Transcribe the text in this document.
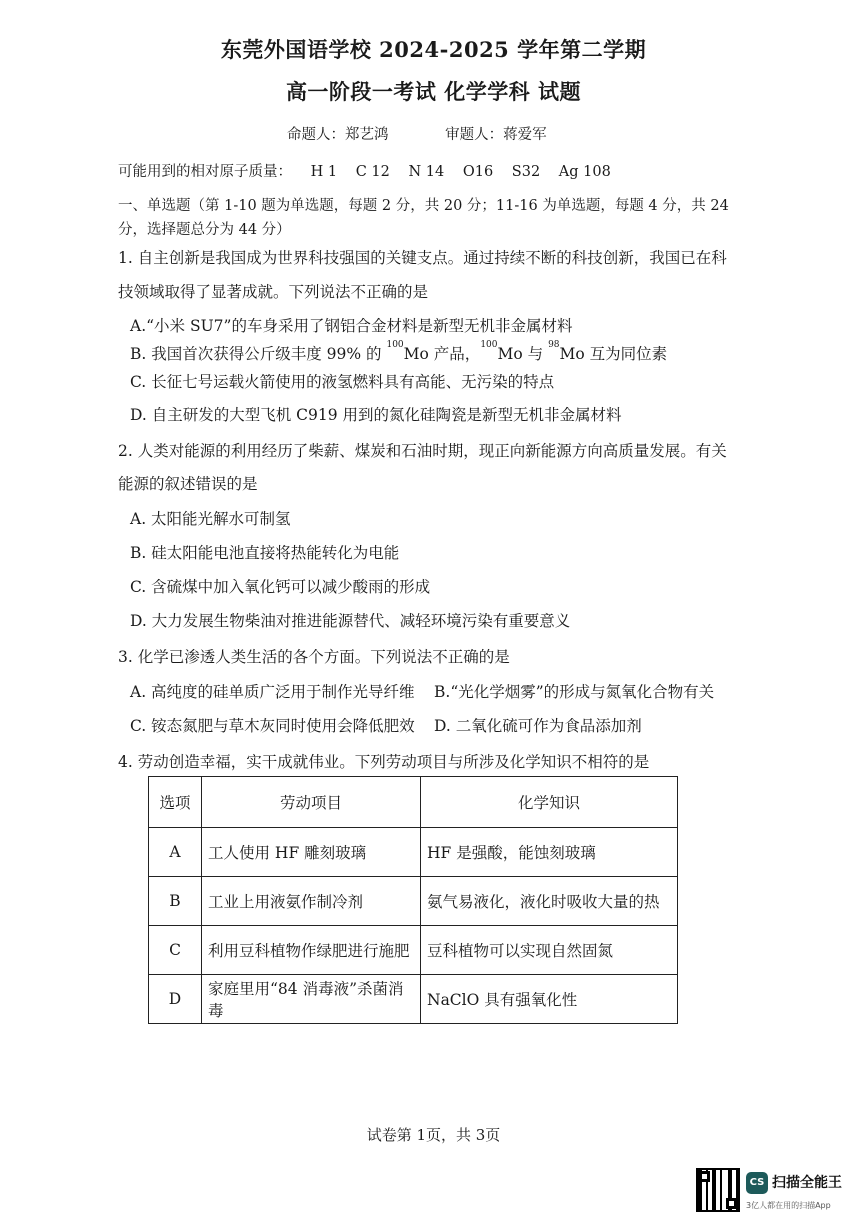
东莞外国语学校 2024-2025 学年第二学期
高一阶段一考试 化学学科 试题
命题人：郑艺鸿	审题人：蒋爱军
可能用到的相对原子质量： H 1 C 12 N 14 O16 S32 Ag 108
一、单选题（第 1-10 题为单选题，每题 2 分，共 20 分；11-16 为单选题，每题 4 分，共 24
分，选择题总分为 44 分）
1. 自主创新是我国成为世界科技强国的关键支点。通过持续不断的科技创新，我国已在科
技领域取得了显著成就。下列说法不正确的是
A.“小米 SU7”的车身采用了钢铝合金材料是新型无机非金属材料
B. 我国首次获得公斤级丰度 99% 的 $^{100}$Mo 产品，$^{100}$Mo 与 $^{98}$Mo 互为同位素
C. 长征七号运载火箭使用的液氢燃料具有高能、无污染的特点
D. 自主研发的大型飞机 C919 用到的氮化硅陶瓷是新型无机非金属材料
2. 人类对能源的利用经历了柴薪、煤炭和石油时期，现正向新能源方向高质量发展。有关
能源的叙述错误的是
A. 太阳能光解水可制氢
B. 硅太阳能电池直接将热能转化为电能
C. 含硫煤中加入氧化钙可以减少酸雨的形成
D. 大力发展生物柴油对推进能源替代、减轻环境污染有重要意义
3. 化学已渗透人类生活的各个方面。下列说法不正确的是
A. 高纯度的硅单质广泛用于制作光导纤维 B.“光化学烟雾”的形成与氮氧化合物有关
C. 铵态氮肥与草木灰同时使用会降低肥效 D. 二氧化硫可作为食品添加剂
4. 劳动创造幸福，实干成就伟业。下列劳动项目与所涉及化学知识不相符的是
选项	劳动项目	化学知识
A	工人使用 HF 雕刻玻璃	HF 是强酸，能蚀刻玻璃
B	工业上用液氨作制冷剂	氨气易液化，液化时吸收大量的热
C	利用豆科植物作绿肥进行施肥	豆科植物可以实现自然固氮
D	家庭里用“84 消毒液”杀菌消毒	NaClO 具有强氧化性
试卷第 1页，共 3页
CS 扫描全能王
3亿人都在用的扫描App
